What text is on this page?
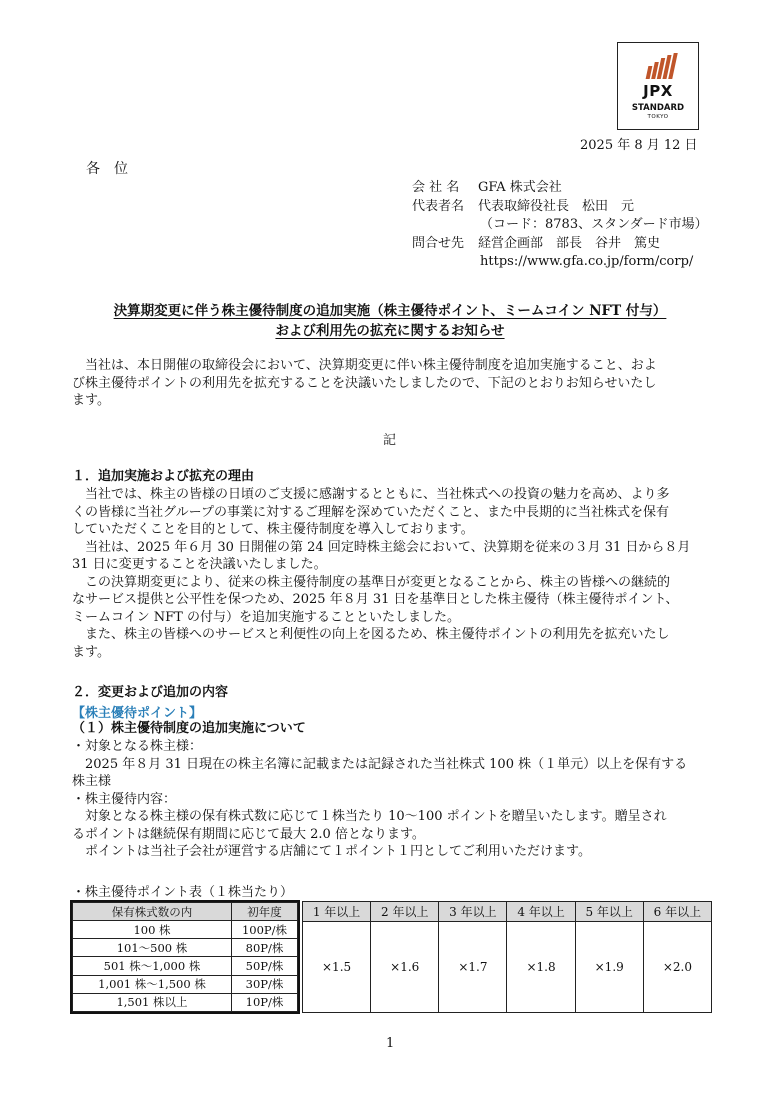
JPX
STANDARD
TOKYO
2025 年 8 月 12 日
各　位
会 社 名	GFA 株式会社
代表者名	代表取締役社長　松田　元
（コード：8783、スタンダード市場）
問合せ先	経営企画部　部長　谷井　篤史
https://www.gfa.co.jp/form/corp/
決算期変更に伴う株主優待制度の追加実施（株主優待ポイント、ミームコイン NFT 付与）
および利用先の拡充に関するお知らせ
　当社は、本日開催の取締役会において、決算期変更に伴い株主優待制度を追加実施すること、およ
び株主優待ポイントの利用先を拡充することを決議いたしましたので、下記のとおりお知らせいたし
ます。
記
１．追加実施および拡充の理由
　当社では、株主の皆様の日頃のご支援に感謝するとともに、当社株式への投資の魅力を高め、より多
くの皆様に当社グループの事業に対するご理解を深めていただくこと、また中長期的に当社株式を保有
していただくことを目的として、株主優待制度を導入しております。
　当社は、2025 年６月 30 日開催の第 24 回定時株主総会において、決算期を従来の３月 31 日から８月
31 日に変更することを決議いたしました。
　この決算期変更により、従来の株主優待制度の基準日が変更となることから、株主の皆様への継続的
なサービス提供と公平性を保つため、2025 年８月 31 日を基準日とした株主優待（株主優待ポイント、
ミームコイン NFT の付与）を追加実施することといたしました。
　また、株主の皆様へのサービスと利便性の向上を図るため、株主優待ポイントの利用先を拡充いたし
ます。
２．変更および追加の内容
【株主優待ポイント】
（１）株主優待制度の追加実施について
・対象となる株主様：
　2025 年８月 31 日現在の株主名簿に記載または記録された当社株式 100 株（１単元）以上を保有する
株主様
・株主優待内容：
　対象となる株主様の保有株式数に応じて１株当たり 10～100 ポイントを贈呈いたします。贈呈され
るポイントは継続保有期間に応じて最大 2.0 倍となります。
　ポイントは当社子会社が運営する店舗にて１ポイント１円としてご利用いただけます。
・株主優待ポイント表（１株当たり）
保有株式数の内	初年度
100 株	100P/株
101～500 株	80P/株
501 株～1,000 株	50P/株
1,001 株～1,500 株	30P/株
1,501 株以上	10P/株
1 年以上	2 年以上	3 年以上	4 年以上	5 年以上	6 年以上
×1.5	×1.6	×1.7	×1.8	×1.9	×2.0
1
